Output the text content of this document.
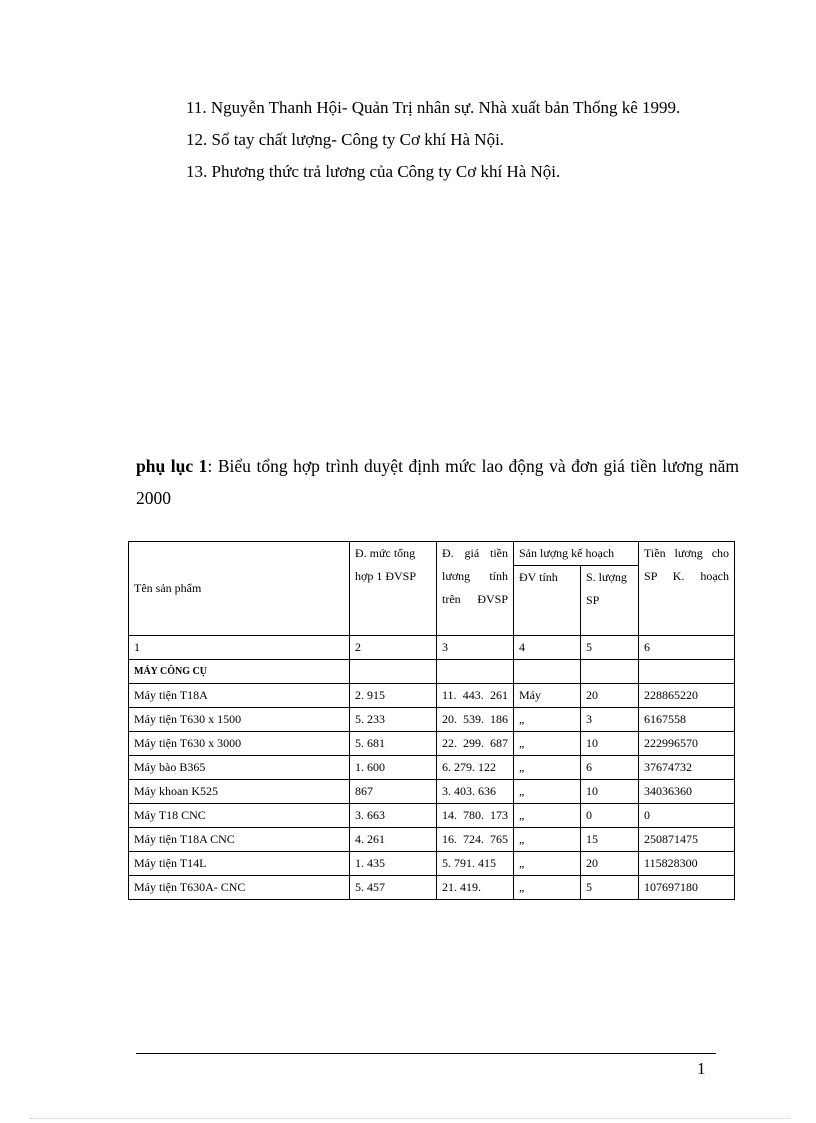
11. Nguyễn Thanh Hội- Quản Trị nhân sự. Nhà xuất bản Thống kê 1999.

12. Sổ tay chất lượng- Công ty Cơ khí Hà Nội.

13. Phương thức trả lương của Công ty Cơ khí Hà Nội.

phụ lục 1: Biểu tổng hợp trình duyệt định mức lao động và đơn giá tiền lương năm 2000

Tên sản phẩm	Đ. mức tổng hợp 1 ĐVSP	Đ. giá tiền lương tính trên ĐVSP	Sản lượng kế hoạch		Tiền lương cho SP K. hoạch
			ĐV tính	S. lượng SP	
1	2	3	4	5	6
MÁY CÔNG CỤ					
Máy tiện T18A	2. 915	11. 443. 261	Máy	20	228865220
Máy tiện T630 x 1500	5. 233	20. 539. 186	„	3	6167558
Máy tiện T630 x 3000	5. 681	22. 299. 687	„	10	222996570
Máy bào B365	1. 600	6. 279. 122	„	6	37674732
Máy khoan K525	867	3. 403. 636	„	10	34036360
Máy T18 CNC	3. 663	14. 780. 173	„	0	0
Máy tiện T18A CNC	4. 261	16. 724. 765	„	15	250871475
Máy tiện T14L	1. 435	5. 791. 415	„	20	115828300
Máy tiện T630A- CNC	5. 457	21. 419.	„	5	107697180
1
